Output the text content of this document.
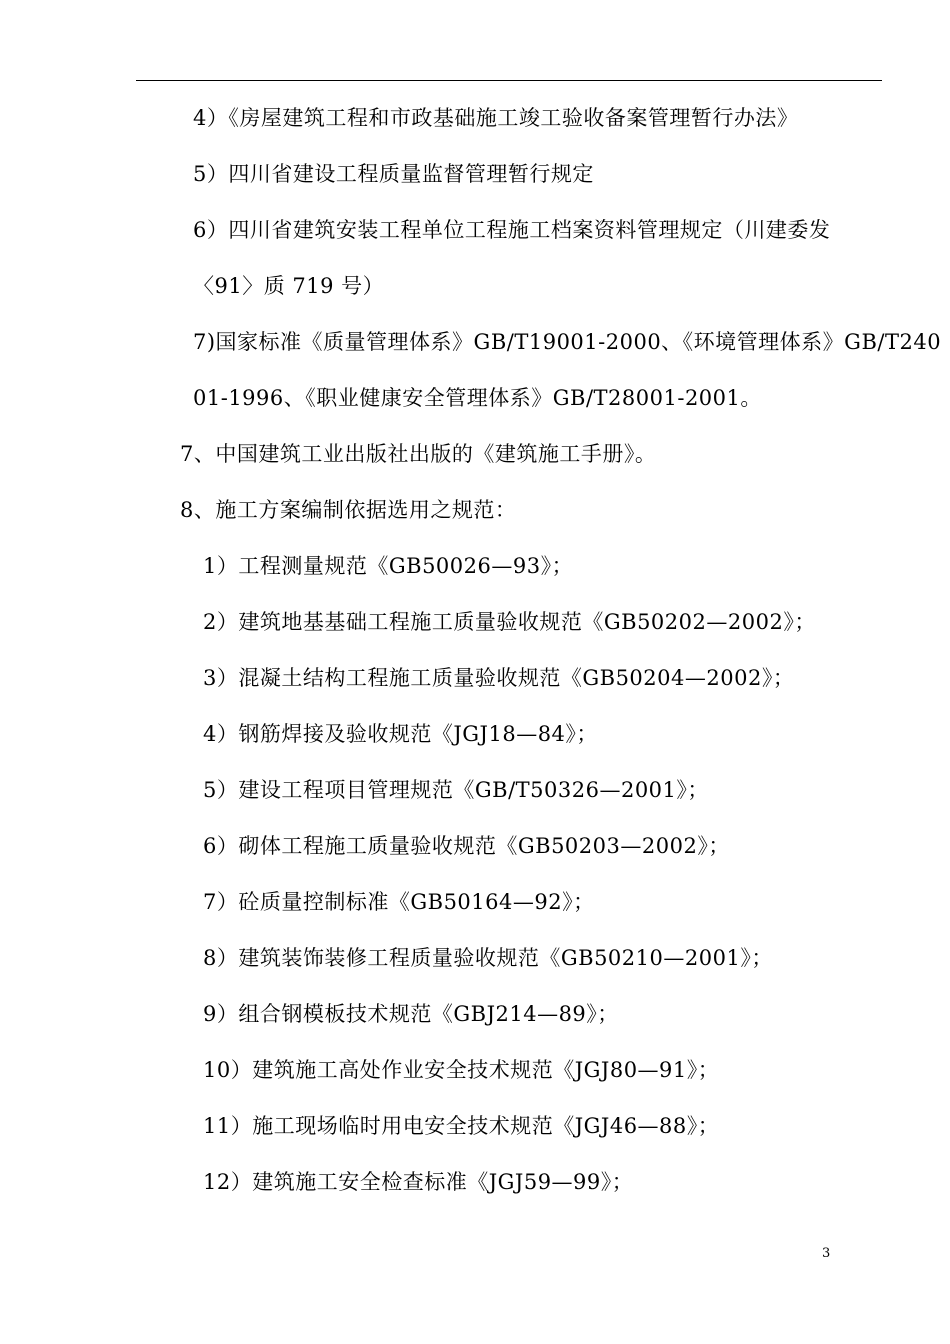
4）《房屋建筑工程和市政基础施工竣工验收备案管理暂行办法》
5）四川省建设工程质量监督管理暂行规定
6）四川省建筑安装工程单位工程施工档案资料管理规定（川建委发
〈91〉质 719 号）
7)国家标准《质量管理体系》GB/T19001-2000、《环境管理体系》GB/T240
01-1996、《职业健康安全管理体系》GB/T28001-2001。
7、中国建筑工业出版社出版的《建筑施工手册》。
8、施工方案编制依据选用之规范：
1）工程测量规范《GB50026—93》；
2）建筑地基基础工程施工质量验收规范《GB50202—2002》；
3）混凝土结构工程施工质量验收规范《GB50204—2002》；
4）钢筋焊接及验收规范《JGJ18—84》；
5）建设工程项目管理规范《GB/T50326—2001》；
6）砌体工程施工质量验收规范《GB50203—2002》；
7）砼质量控制标准《GB50164—92》；
8）建筑装饰装修工程质量验收规范《GB50210—2001》；
9）组合钢模板技术规范《GBJ214—89》；
10）建筑施工高处作业安全技术规范《JGJ80—91》；
11）施工现场临时用电安全技术规范《JGJ46—88》；
12）建筑施工安全检查标准《JGJ59—99》；
3
